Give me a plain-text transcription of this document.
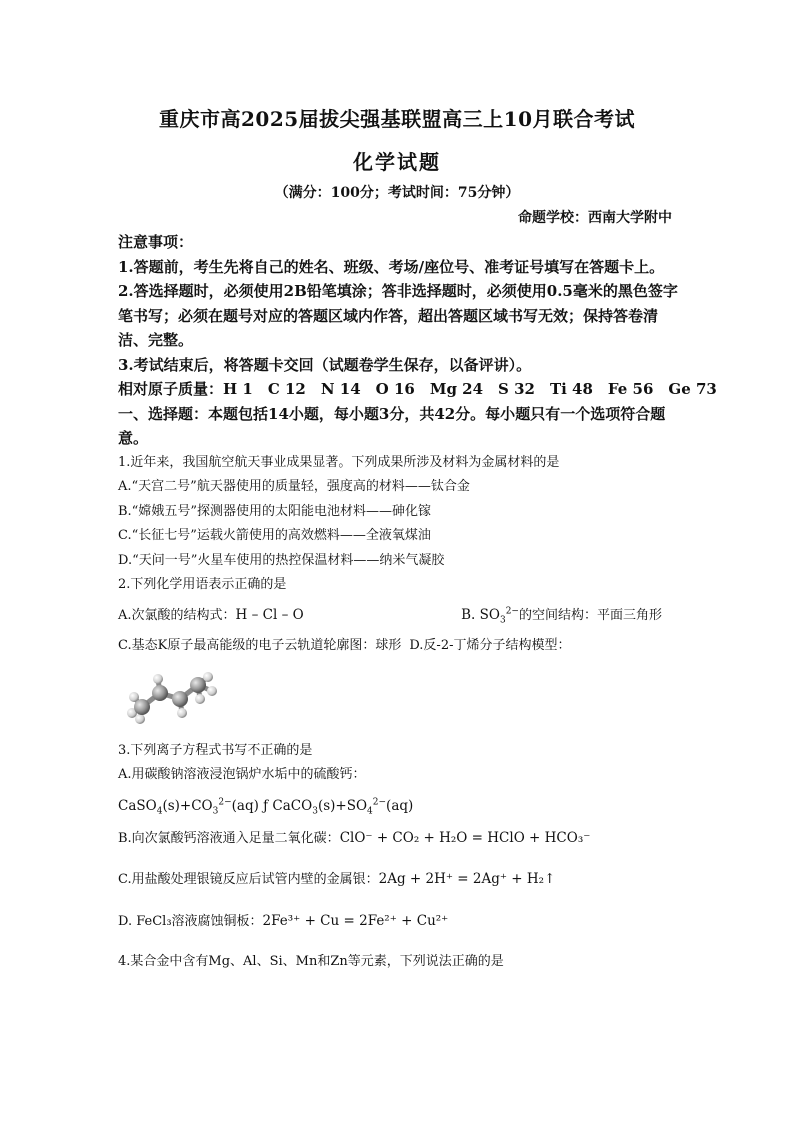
重庆市高2025届拔尖强基联盟高三上10月联合考试
化学试题
（满分：100分；考试时间：75分钟）
命题学校：西南大学附中
注意事项：
1.答题前，考生先将自己的姓名、班级、考场/座位号、准考证号填写在答题卡上。
2.答选择题时，必须使用2B铅笔填涂；答非选择题时，必须使用0.5毫米的黑色签字笔书写；必须在题号对应的答题区域内作答，超出答题区域书写无效；保持答卷清洁、完整。
3.考试结束后，将答题卡交回（试题卷学生保存，以备评讲）。
相对原子质量：H 1　C 12　N 14　O 16　Mg 24　S 32　Ti 48　Fe 56　Ge 73
一、选择题：本题包括14小题，每小题3分，共42分。每小题只有一个选项符合题意。
1.近年来，我国航空航天事业成果显著。下列成果所涉及材料为金属材料的是
A.“天宫二号”航天器使用的质量轻，强度高的材料——钛合金
B.“嫦娥五号”探测器使用的太阳能电池材料——砷化镓
C.“长征七号”运载火箭使用的高效燃料——全液氧煤油
D.“天问一号”火星车使用的热控保温材料——纳米气凝胶
2.下列化学用语表示正确的是
A.次氯酸的结构式：H – Cl – O	B. $SO_3^{2-}$的空间结构：平面三角形
C.基态K原子最高能级的电子云轨道轮廓图：球形 D.反-2-丁烯分子结构模型：
3.下列离子方程式书写不正确的是
A.用碳酸钠溶液浸泡锅炉水垢中的硫酸钙：
$CaSO_4(s)+CO_3^{2-}(aq)$ ƒ $CaCO_3(s)+SO_4^{2-}(aq)$
B.向次氯酸钙溶液通入足量二氧化碳：ClO⁻ + CO₂ + H₂O = HClO + HCO₃⁻
C.用盐酸处理银镜反应后试管内壁的金属银：2Ag + 2H⁺ = 2Ag⁺ + H₂↑
D. FeCl₃溶液腐蚀铜板：2Fe³⁺ + Cu = 2Fe²⁺ + Cu²⁺
4.某合金中含有Mg、Al、Si、Mn和Zn等元素，下列说法正确的是
